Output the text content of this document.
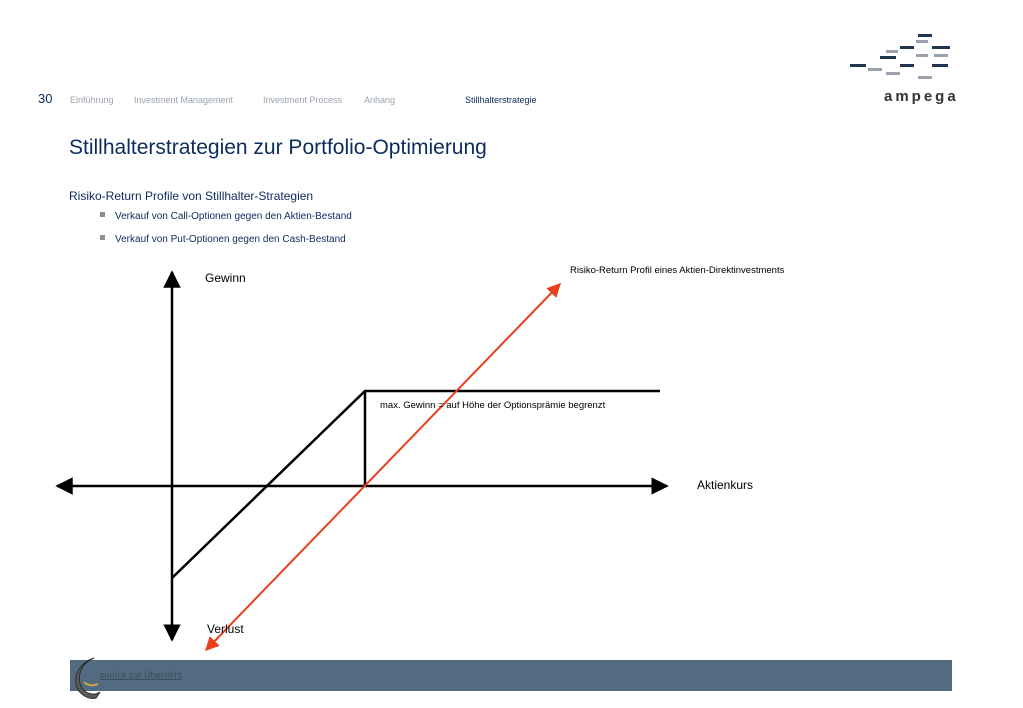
30 Einführung Investment Management	Investment Process Anhang	Stillhalterstrategie	ampega
Stillhalterstrategien zur Portfolio-Optimierung
Risiko-Return Profile von Stillhalter-Strategien
Verkauf von Call-Optionen gegen den Aktien-Bestand
Verkauf von Put-Optionen gegen den Cash-Bestand
Gewinn
Verlust
Aktienkurs
Risiko-Return Profil eines Aktien-Direktinvestments
max. Gewinn = auf Höhe der Optionsprämie begrenzt
zurück zur Übersicht
